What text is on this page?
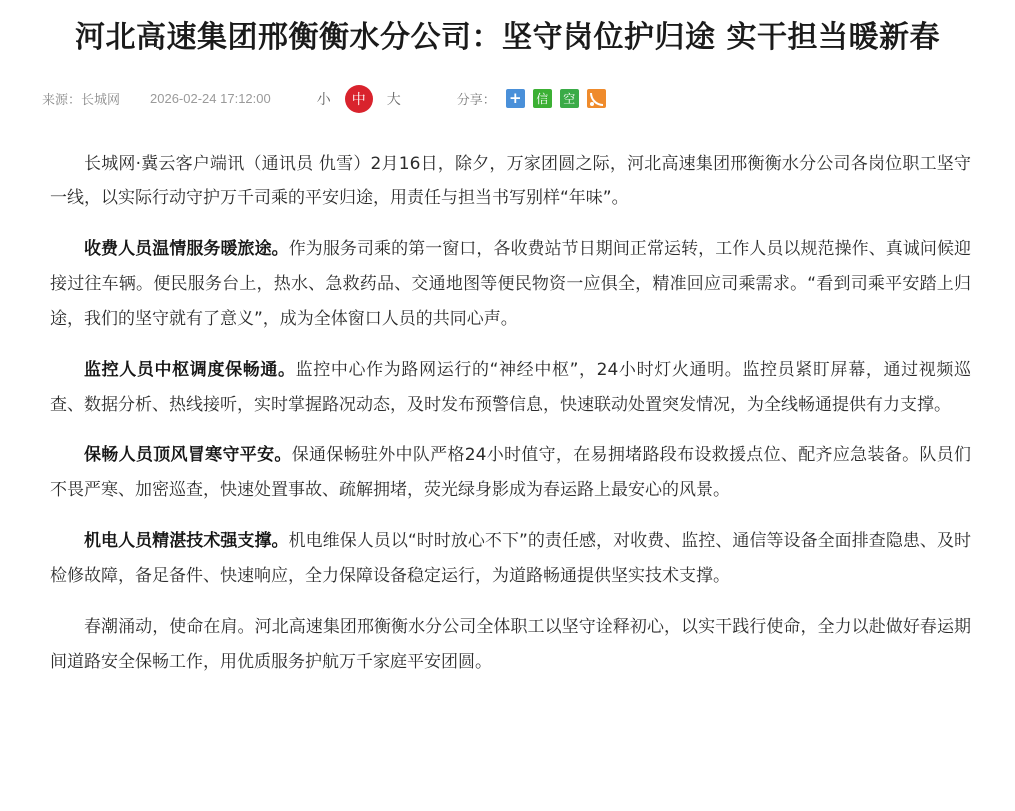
河北高速集团邢衡衡水分公司：坚守岗位护归途 实干担当暖新春
来源：长城网 2026-02-24 17:12:00	小	中	大	分享： + 信 空

长城网·冀云客户端讯（通讯员 仇雪）2月16日，除夕，万家团圆之际，河北高速集团邢衡衡水分公司各岗位职工坚守一线，以实际行动守护万千司乘的平安归途，用责任与担当书写别样“年味”。

收费人员温情服务暖旅途。作为服务司乘的第一窗口，各收费站节日期间正常运转，工作人员以规范操作、真诚问候迎接过往车辆。便民服务台上，热水、急救药品、交通地图等便民物资一应俱全，精准回应司乘需求。“看到司乘平安踏上归途，我们的坚守就有了意义”，成为全体窗口人员的共同心声。

监控人员中枢调度保畅通。监控中心作为路网运行的“神经中枢”，24小时灯火通明。监控员紧盯屏幕，通过视频巡查、数据分析、热线接听，实时掌握路况动态，及时发布预警信息，快速联动处置突发情况，为全线畅通提供有力支撑。

保畅人员顶风冒寒守平安。保通保畅驻外中队严格24小时值守，在易拥堵路段布设救援点位、配齐应急装备。队员们不畏严寒、加密巡查，快速处置事故、疏解拥堵，荧光绿身影成为春运路上最安心的风景。

机电人员精湛技术强支撑。机电维保人员以“时时放心不下”的责任感，对收费、监控、通信等设备全面排查隐患、及时检修故障，备足备件、快速响应，全力保障设备稳定运行，为道路畅通提供坚实技术支撑。

春潮涌动，使命在肩。河北高速集团邢衡衡水分公司全体职工以坚守诠释初心，以实干践行使命，全力以赴做好春运期间道路安全保畅工作，用优质服务护航万千家庭平安团圆。
